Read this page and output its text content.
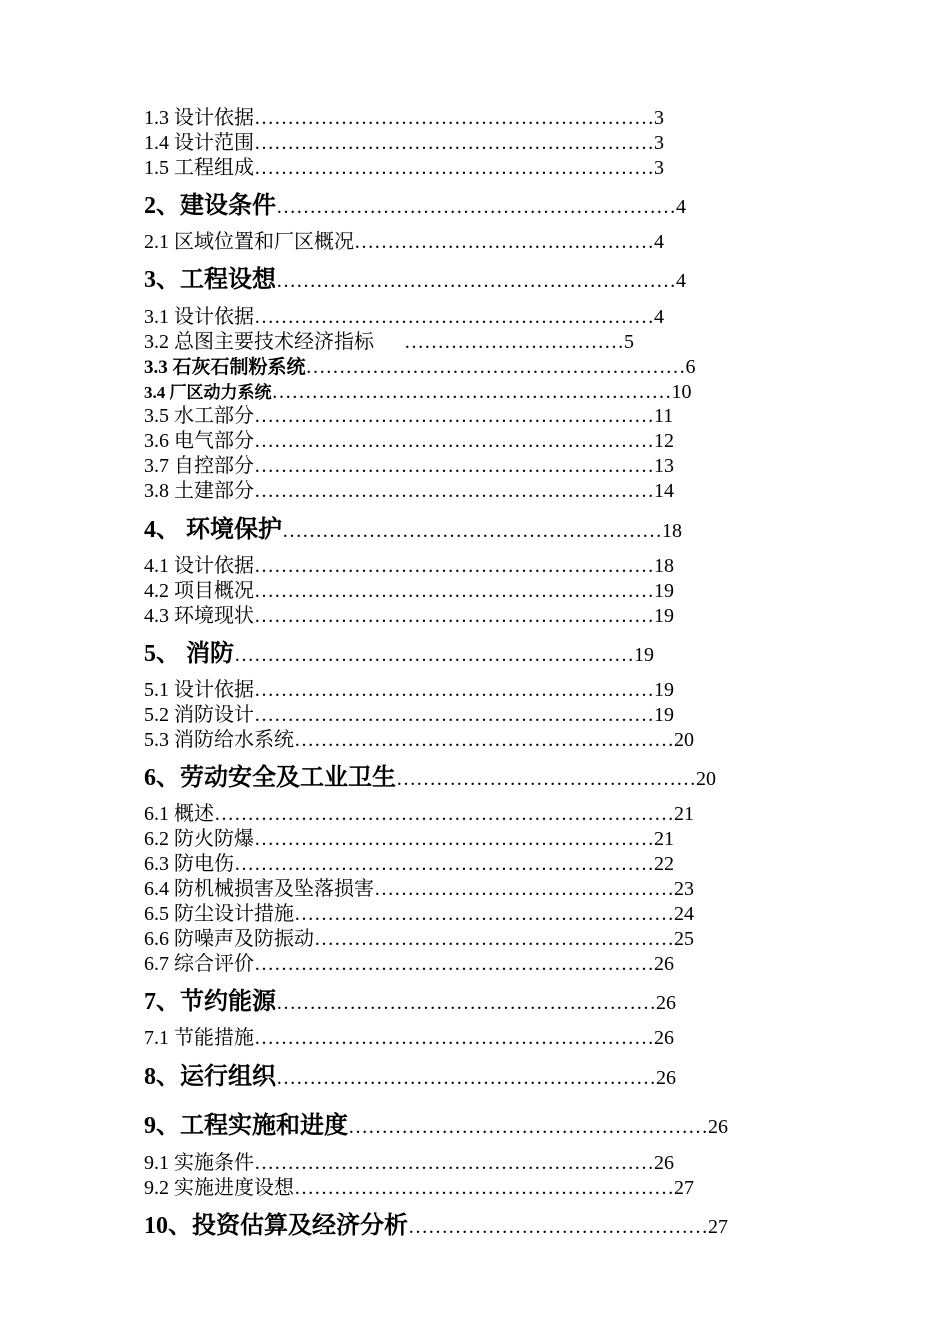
1.3 设计依据……………………………………………………3
1.4 设计范围……………………………………………………3
1.5 工程组成……………………………………………………3
2、建设条件……………………………………………………4
2.1 区域位置和厂区概况………………………………………4
3、工程设想……………………………………………………4
3.1 设计依据……………………………………………………4
3.2 总图主要技术经济指标      ……………………………5
3.3 石灰石制粉系统…………………………………………………6
3.4 厂区动力系统……………………………………………………10
3.5 水工部分……………………………………………………11
3.6 电气部分……………………………………………………12
3.7 自控部分……………………………………………………13
3.8 土建部分……………………………………………………14
4、 环境保护…………………………………………………18
4.1 设计依据……………………………………………………18
4.2 项目概况……………………………………………………19
4.3 环境现状……………………………………………………19
5、 消防……………………………………………………19
5.1 设计依据……………………………………………………19
5.2 消防设计……………………………………………………19
5.3 消防给水系统…………………………………………………20
6、劳动安全及工业卫生………………………………………20
6.1 概述……………………………………………………………21
6.2 防火防爆……………………………………………………21
6.3 防电伤………………………………………………………22
6.4 防机械损害及坠落损害………………………………………23
6.5 防尘设计措施…………………………………………………24
6.6 防噪声及防振动………………………………………………25
6.7 综合评价……………………………………………………26
7、节约能源…………………………………………………26
7.1 节能措施……………………………………………………26
8、运行组织…………………………………………………26
9、工程实施和进度………………………………………………26
9.1 实施条件……………………………………………………26
9.2 实施进度设想…………………………………………………27
10、投资估算及经济分析………………………………………27
